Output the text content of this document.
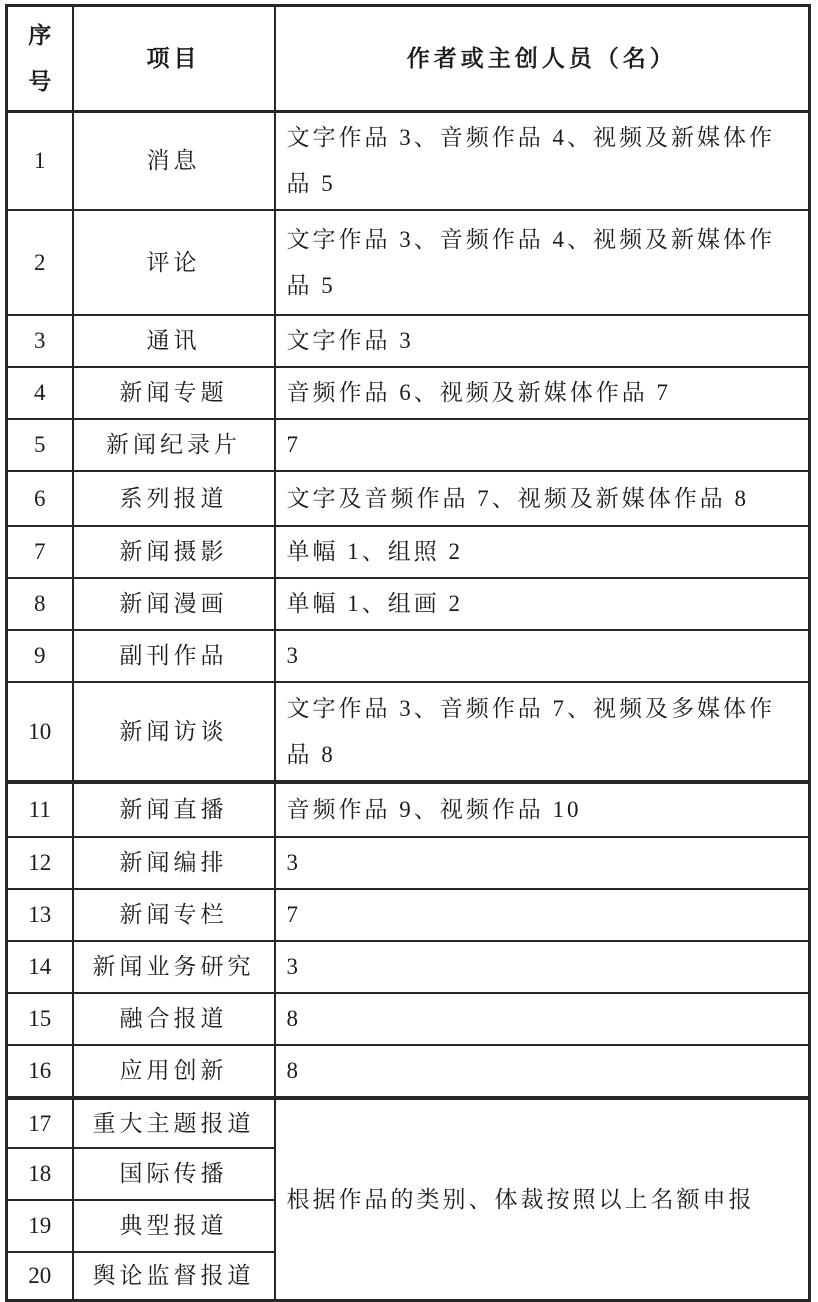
序号	项目	作者或主创人员（名）
1	消息	文字作品 3、音频作品 4、视频及新媒体作品 5
2	评论	文字作品 3、音频作品 4、视频及新媒体作品 5
3	通讯	文字作品 3
4	新闻专题	音频作品 6、视频及新媒体作品 7
5	新闻纪录片	7
6	系列报道	文字及音频作品 7、视频及新媒体作品 8
7	新闻摄影	单幅 1、组照 2
8	新闻漫画	单幅 1、组画 2
9	副刊作品	3
10	新闻访谈	文字作品 3、音频作品 7、视频及多媒体作品 8
11	新闻直播	音频作品 9、视频作品 10
12	新闻编排	3
13	新闻专栏	7
14	新闻业务研究	3
15	融合报道	8
16	应用创新	8
17	重大主题报道	根据作品的类别、体裁按照以上名额申报
18	国际传播	
19	典型报道	
20	舆论监督报道	
